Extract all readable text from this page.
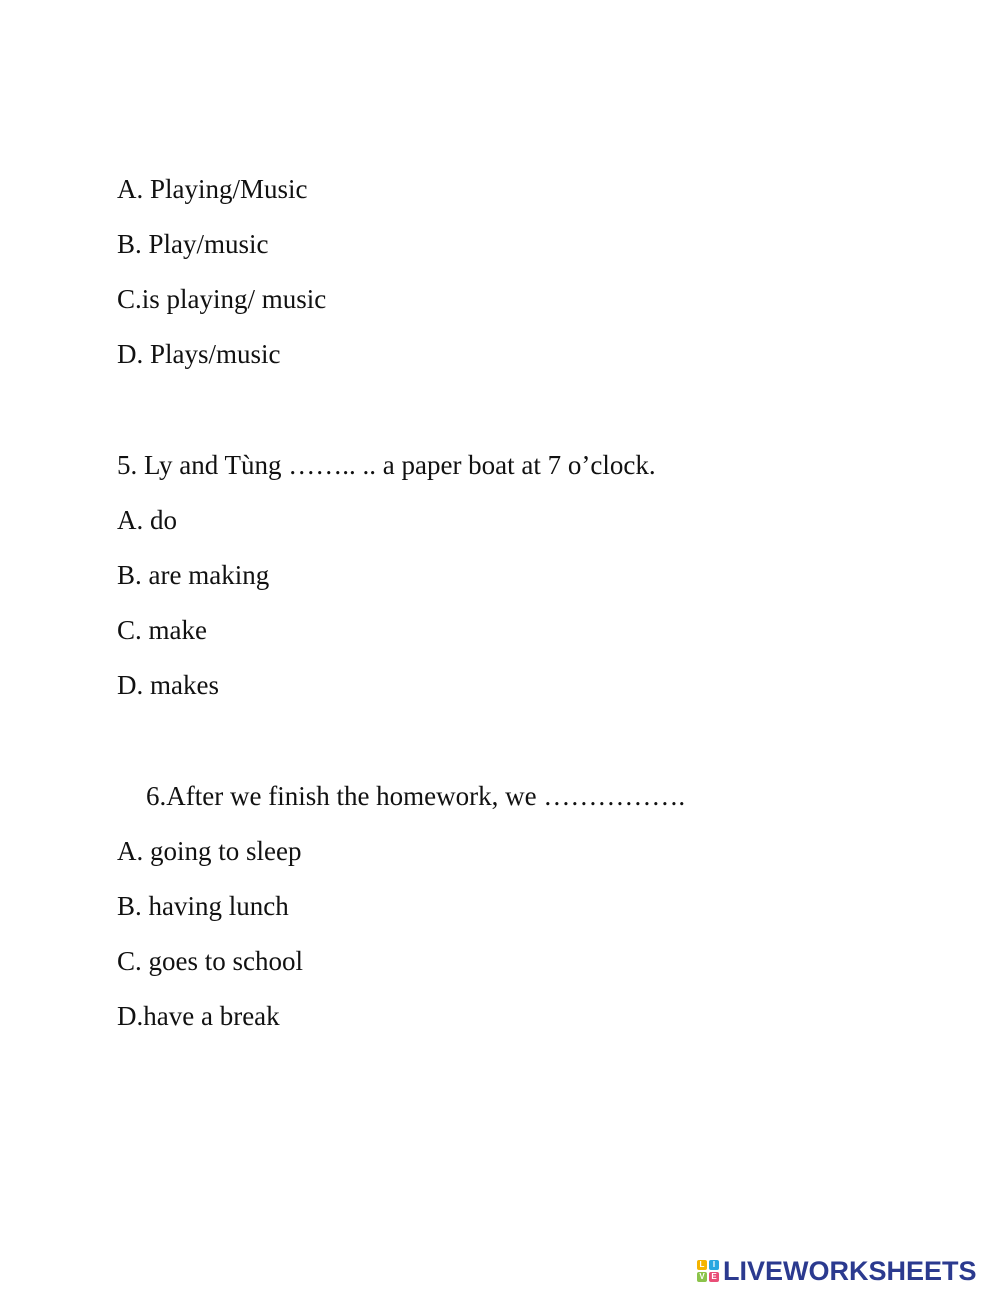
A. Playing/Music
B. Play/music
C.is playing/ music
D. Plays/music
5. Ly and Tùng …….. .. a paper boat at 7 o’clock.
A. do
B. are making
C. make
D. makes
6.After we finish the homework, we …………….
A. going to sleep
B. having lunch
C. goes to school
D.have a break
L	I
V E LIVEWORKSHEETS
